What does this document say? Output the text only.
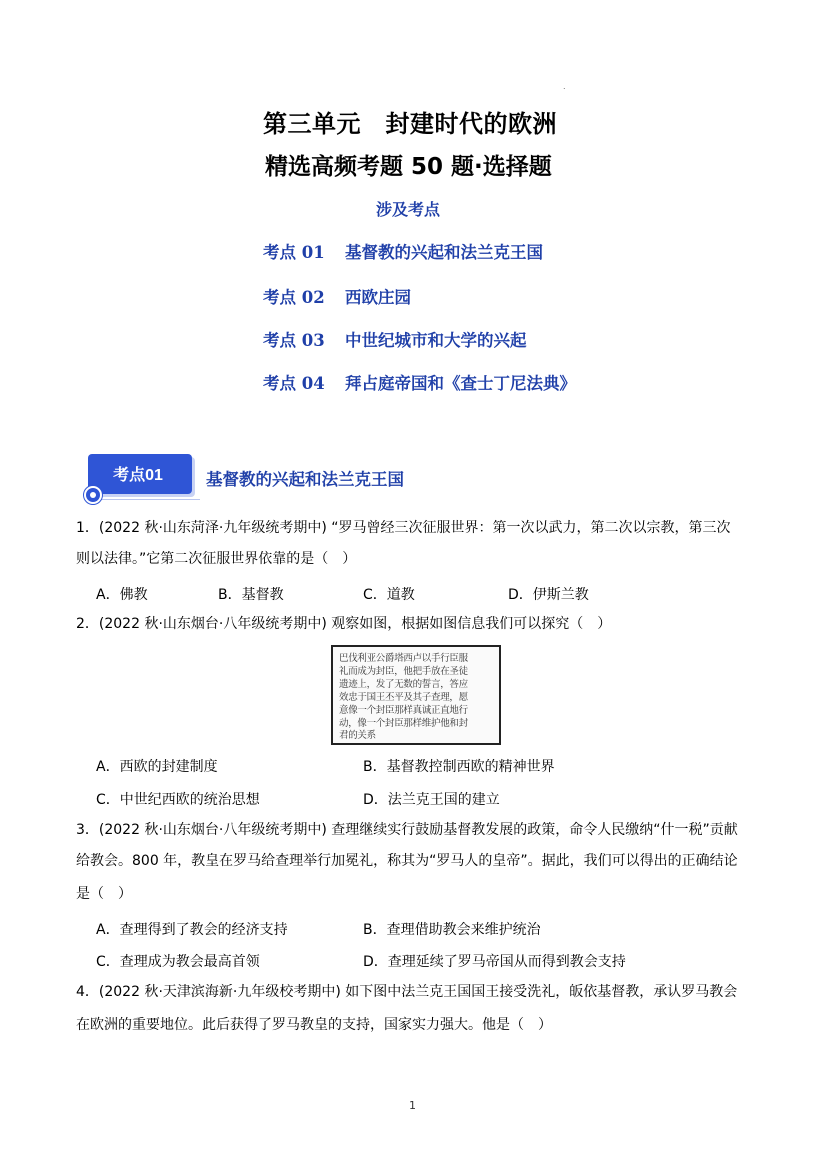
.
第三单元　封建时代的欧洲
精选高频考题 50 题·选择题
涉及考点
考点 01 基督教的兴起和法兰克王国
考点 02 西欧庄园
考点 03 中世纪城市和大学的兴起
考点 04 拜占庭帝国和《查士丁尼法典》
考点01	基督教的兴起和法兰克王国
1．(2022 秋·山东菏泽·九年级统考期中) “罗马曾经三次征服世界：第一次以武力，第二次以宗教，第三次
则以法律。”它第二次征服世界依靠的是（　）
A．佛教	B．基督教	C．道教	D．伊斯兰教
2．(2022 秋·山东烟台·八年级统考期中) 观察如图，根据如图信息我们可以探究（　）
巴伐利亚公爵塔西卢以手行臣服
礼而成为封臣，他把手放在圣徒
遗迹上，发了无数的誓言，答应
效忠于国王丕平及其子查理，愿
意像一个封臣那样真诚正直地行
动，像一个封臣那样维护他和封
君的关系
A．西欧的封建制度	B．基督教控制西欧的精神世界
C．中世纪西欧的统治思想	D．法兰克王国的建立
3．(2022 秋·山东烟台·八年级统考期中) 查理继续实行鼓励基督教发展的政策，命令人民缴纳“什一税”贡献
给教会。800 年，教皇在罗马给查理举行加冕礼，称其为“罗马人的皇帝”。据此，我们可以得出的正确结论
是（　）
A．查理得到了教会的经济支持	B．查理借助教会来维护统治
C．查理成为教会最高首领	D．查理延续了罗马帝国从而得到教会支持
4．(2022 秋·天津滨海新·九年级校考期中) 如下图中法兰克王国国王接受洗礼，皈依基督教，承认罗马教会
在欧洲的重要地位。此后获得了罗马教皇的支持，国家实力强大。他是（　）
1
